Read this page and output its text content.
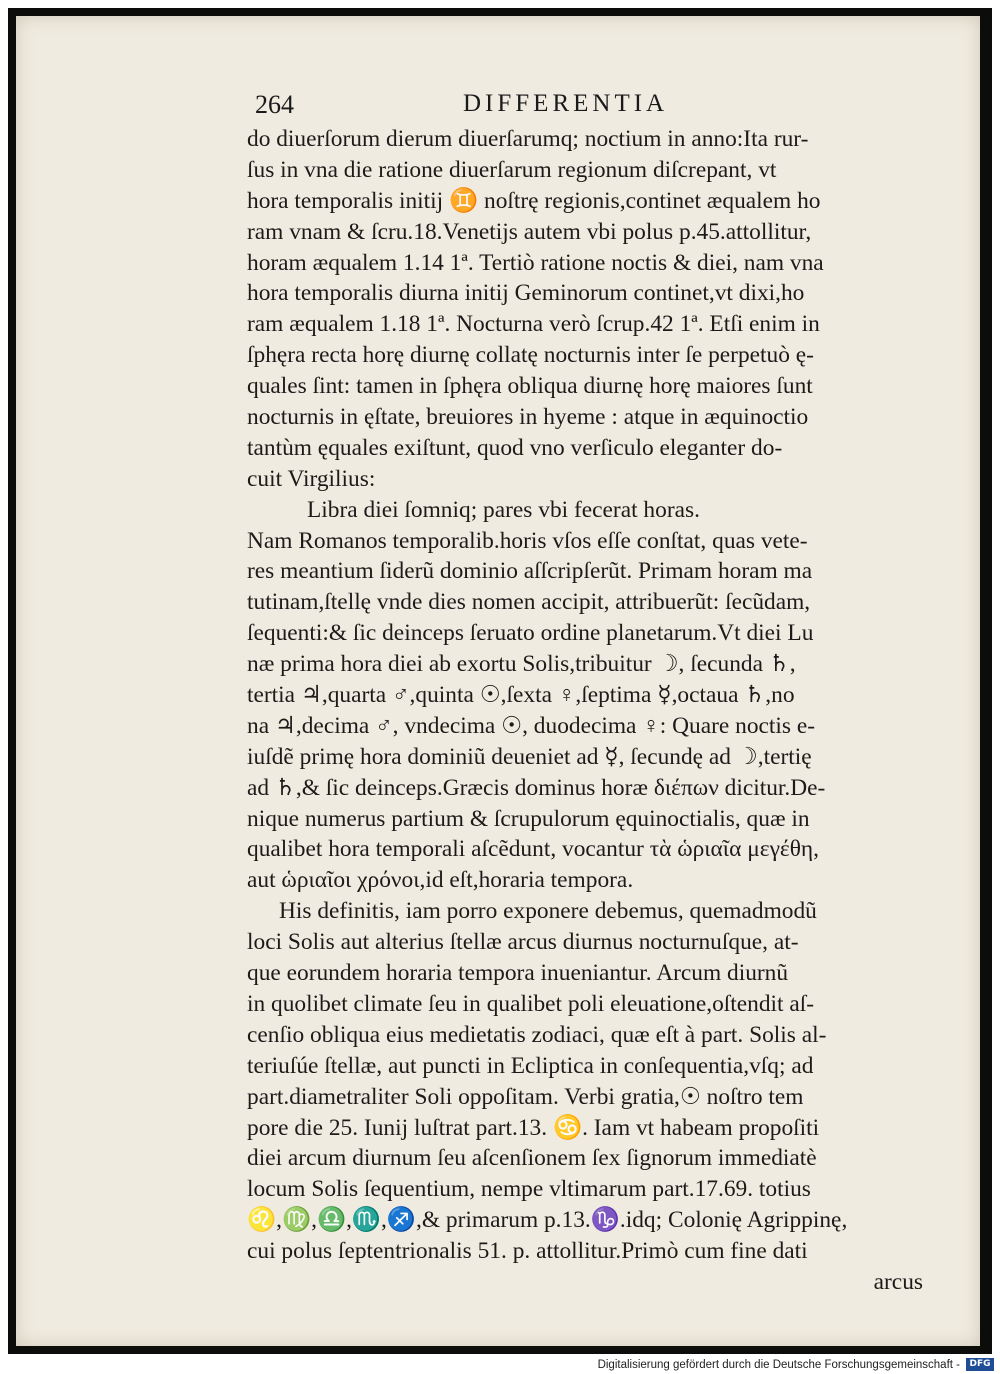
264	DIFFERENTIA
do diuerſorum dierum diuerſarumq; noctium in anno:Ita rur-
ſus in vna die ratione diuerſarum regionum diſcrepant, vt
hora temporalis initij ♊ noſtrę regionis,continet æqualem ho
ram vnam & ſcru.18.Venetijs autem vbi polus p.45.attollitur,
horam æqualem 1.14 1ª. Tertiò ratione noctis & diei, nam vna
hora temporalis diurna initij Geminorum continet,vt dixi,ho
ram æqualem 1.18 1ª. Nocturna verò ſcrup.42 1ª. Etſi enim in
ſphęra recta horę diurnę collatę nocturnis inter ſe perpetuò ę-
quales ſint: tamen in ſphęra obliqua diurnę horę maiores ſunt
nocturnis in ęſtate, breuiores in hyeme : atque in æquinoctio
tantùm ęquales exiſtunt, quod vno verſiculo eleganter do-
cuit Virgilius:
Libra diei ſomniq; pares vbi fecerat horas.
Nam Romanos temporalib.horis vſos eſſe conſtat, quas vete-
res meantium ſiderũ dominio aſſcripſerũt. Primam horam ma
tutinam,ſtellę vnde dies nomen accipit, attribuerũt: ſecũdam,
ſequenti:& ſic deinceps ſeruato ordine planetarum.Vt diei Lu
næ prima hora diei ab exortu Solis,tribuitur ☽, ſecunda ♄,
tertia ♃,quarta ♂,quinta ☉,ſexta ♀,ſeptima ☿,octaua ♄,no
na ♃,decima ♂, vndecima ☉, duodecima ♀: Quare noctis e-
iuſdẽ primę hora dominiũ deueniet ad ☿, ſecundę ad ☽,tertię
ad ♄,& ſic deinceps.Græcis dominus horæ διέπων dicitur.De-
nique numerus partium & ſcrupulorum ęquinoctialis, quæ in
qualibet hora temporali aſcẽdunt, vocantur τὰ ὡριαῖα μεγέθη,
aut ὡριαῖοι χρόνοι,id eſt,horaria tempora.
His definitis, iam porro exponere debemus, quemadmodũ
loci Solis aut alterius ſtellæ arcus diurnus nocturnuſque, at-
que eorundem horaria tempora inueniantur. Arcum diurnũ
in quolibet climate ſeu in qualibet poli eleuatione,oſtendit aſ-
cenſio obliqua eius medietatis zodiaci, quæ eſt à part. Solis al-
teriuſúe ſtellæ, aut puncti in Ecliptica in conſequentia,vſq; ad
part.diametraliter Soli oppoſitam. Verbi gratia,☉ noſtro tem
pore die 25. Iunij luſtrat part.13. ♋. Iam vt habeam propoſiti
diei arcum diurnum ſeu aſcenſionem ſex ſignorum immediatè
locum Solis ſequentium, nempe vltimarum part.17.69. totius
♌,♍,♎,♏,♐,& primarum p.13.♑.idq; Colonię Agrippinę,
cui polus ſeptentrionalis 51. p. attollitur.Primò cum fine dati
arcus
Digitalisierung gefördert durch die Deutsche Forschungsgemeinschaft -	DFG
